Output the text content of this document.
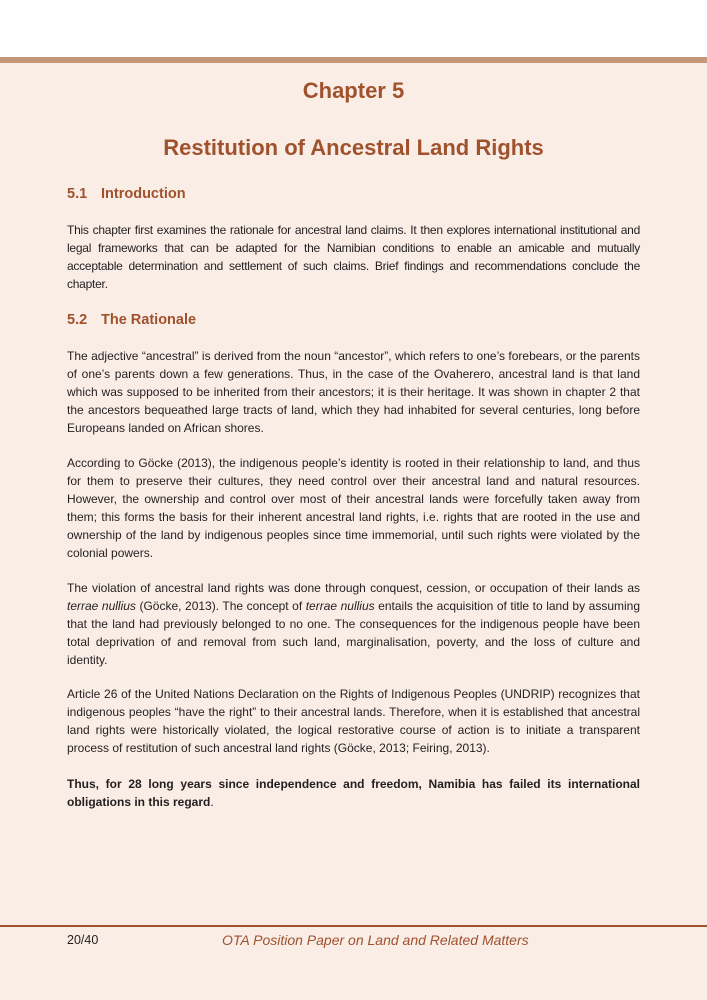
Chapter 5
Restitution of Ancestral Land Rights
5.1 Introduction

This chapter first examines the rationale for ancestral land claims. It then explores international institutional and legal frameworks that can be adapted for the Namibian conditions to enable an amicable and mutually acceptable determination and settlement of such claims. Brief findings and recommendations conclude the chapter.

5.2 The Rationale

The adjective “ancestral” is derived from the noun “ancestor”, which refers to one’s forebears, or the parents of one’s parents down a few generations. Thus, in the case of the Ovaherero, ancestral land is that land which was supposed to be inherited from their ancestors; it is their heritage. It was shown in chapter 2 that the ancestors bequeathed large tracts of land, which they had inhabited for several centuries, long before Europeans landed on African shores.

According to Göcke (2013), the indigenous people’s identity is rooted in their relationship to land, and thus for them to preserve their cultures, they need control over their ancestral land and natural resources. However, the ownership and control over most of their ancestral lands were forcefully taken away from them; this forms the basis for their inherent ancestral land rights, i.e. rights that are rooted in the use and ownership of the land by indigenous peoples since time immemorial, until such rights were violated by the colonial powers.

The violation of ancestral land rights was done through conquest, cession, or occupation of their lands as terrae nullius (Göcke, 2013). The concept of terrae nullius entails the acquisition of title to land by assuming that the land had previously belonged to no one. The consequences for the indigenous people have been total deprivation of and removal from such land, marginalisation, poverty, and the loss of culture and identity.

Article 26 of the United Nations Declaration on the Rights of Indigenous Peoples (UNDRIP) recognizes that indigenous peoples “have the right” to their ancestral lands. Therefore, when it is established that ancestral land rights were historically violated, the logical restorative course of action is to initiate a transparent process of restitution of such ancestral land rights (Göcke, 2013; Feiring, 2013).

Thus, for 28 long years since independence and freedom, Namibia has failed its international obligations in this regard.

20/40	OTA Position Paper on Land and Related Matters
